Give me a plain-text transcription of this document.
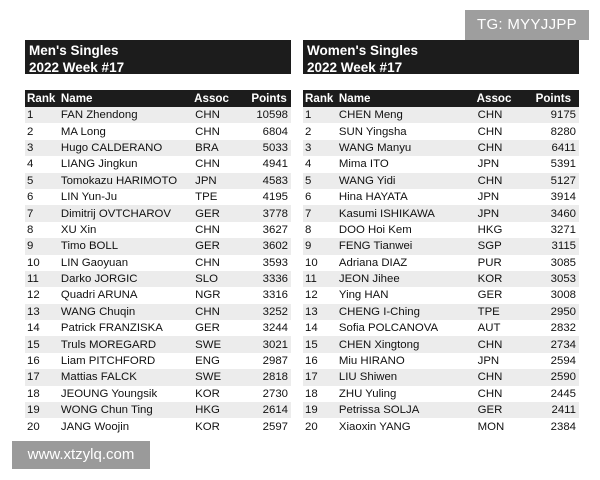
TG: MYYJJPP
Men's Singles
2022 Week #17
Rank	Name	Assoc	Points
1	FAN Zhendong	CHN	10598
2	MA Long	CHN	6804
3	Hugo CALDERANO	BRA	5033
4	LIANG Jingkun	CHN	4941
5	Tomokazu HARIMOTO	JPN	4583
6	LIN Yun-Ju	TPE	4195
7	Dimitrij OVTCHAROV	GER	3778
8	XU Xin	CHN	3627
9	Timo BOLL	GER	3602
10	LIN Gaoyuan	CHN	3593
11	Darko JORGIC	SLO	3336
12	Quadri ARUNA	NGR	3316
13	WANG Chuqin	CHN	3252
14	Patrick FRANZISKA	GER	3244
15	Truls MOREGARD	SWE	3021
16	Liam PITCHFORD	ENG	2987
17	Mattias FALCK	SWE	2818
18	JEOUNG Youngsik	KOR	2730
19	WONG Chun Ting	HKG	2614
20	JANG Woojin	KOR	2597
Women's Singles
2022 Week #17
Rank	Name	Assoc	Points
1	CHEN Meng	CHN	9175
2	SUN Yingsha	CHN	8280
3	WANG Manyu	CHN	6411
4	Mima ITO	JPN	5391
5	WANG Yidi	CHN	5127
6	Hina HAYATA	JPN	3914
7	Kasumi ISHIKAWA	JPN	3460
8	DOO Hoi Kem	HKG	3271
9	FENG Tianwei	SGP	3115
10	Adriana DIAZ	PUR	3085
11	JEON Jihee	KOR	3053
12	Ying HAN	GER	3008
13	CHENG I-Ching	TPE	2950
14	Sofia POLCANOVA	AUT	2832
15	CHEN Xingtong	CHN	2734
16	Miu HIRANO	JPN	2594
17	LIU Shiwen	CHN	2590
18	ZHU Yuling	CHN	2445
19	Petrissa SOLJA	GER	2411
20	Xiaoxin YANG	MON	2384
www.xtzylq.com
